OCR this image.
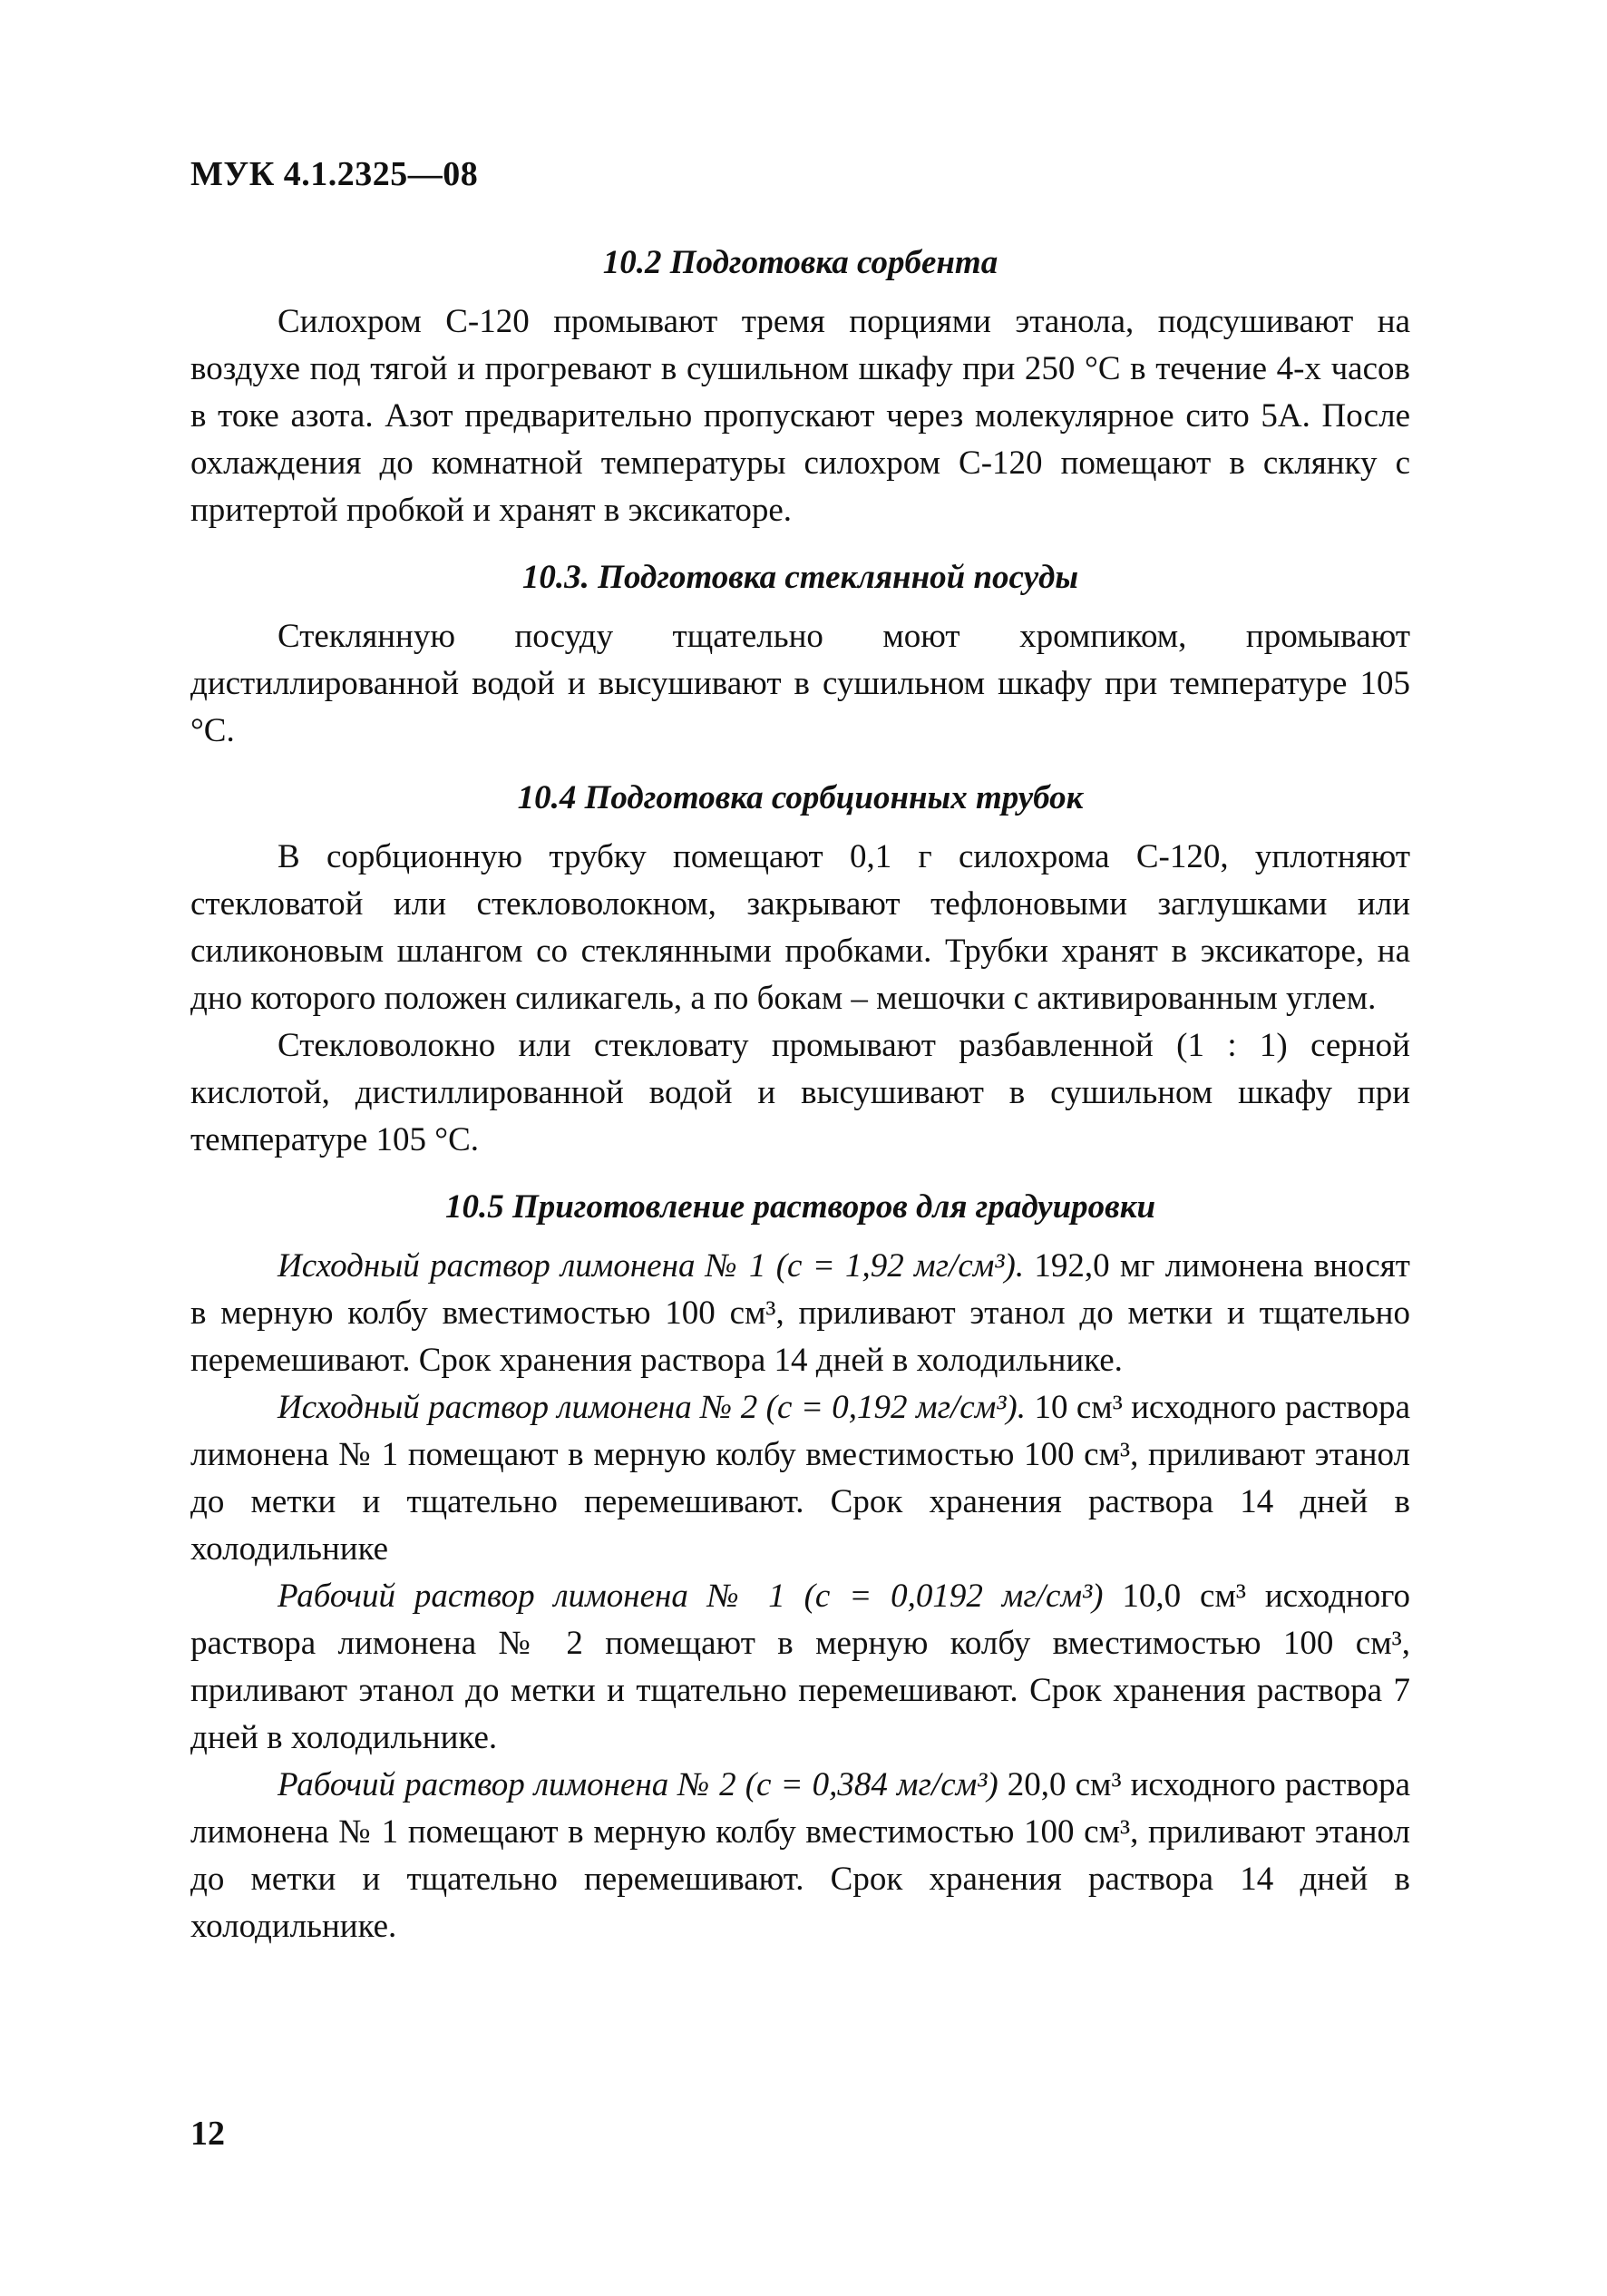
МУК 4.1.2325—08
10.2 Подготовка сорбента

Силохром С-120 промывают тремя порциями этанола, подсушивают на воздухе под тягой и прогревают в сушильном шкафу при 250 °С в течение 4-х часов в токе азота. Азот предварительно пропускают через молекулярное сито 5А. После охлаждения до комнатной температуры силохром С-120 помещают в склянку с притертой пробкой и хранят в эксикаторе.

10.3. Подготовка стеклянной посуды

Стеклянную посуду тщательно моют хромпиком, промывают дистиллированной водой и высушивают в сушильном шкафу при температуре 105 °С.

10.4 Подготовка сорбционных трубок

В сорбционную трубку помещают 0,1 г силохрома С-120, уплотняют стекловатой или стекловолокном, закрывают тефлоновыми заглушками или силиконовым шлангом со стеклянными пробками. Трубки хранят в эксикаторе, на дно которого положен силикагель, а по бокам – мешочки с активированным углем.

Стекловолокно или стекловату промывают разбавленной (1 : 1) серной кислотой, дистиллированной водой и высушивают в сушильном шкафу при температуре 105 °С.

10.5 Приготовление растворов для градуировки

Исходный раствор лимонена № 1 (с = 1,92 мг/см³). 192,0 мг лимонена вносят в мерную колбу вместимостью 100 см³, приливают этанол до метки и тщательно перемешивают. Срок хранения раствора 14 дней в холодильнике.

Исходный раствор лимонена № 2 (с = 0,192 мг/см³). 10 см³ исходного раствора лимонена № 1 помещают в мерную колбу вместимостью 100 см³, приливают этанол до метки и тщательно перемешивают. Срок хранения раствора 14 дней в холодильнике

Рабочий раствор лимонена № 1 (с = 0,0192 мг/см³) 10,0 см³ исходного раствора лимонена № 2 помещают в мерную колбу вместимостью 100 см³, приливают этанол до метки и тщательно перемешивают. Срок хранения раствора 7 дней в холодильнике.

Рабочий раствор лимонена № 2 (с = 0,384 мг/см³) 20,0 см³ исходного раствора лимонена № 1 помещают в мерную колбу вместимостью 100 см³, приливают этанол до метки и тщательно перемешивают. Срок хранения раствора 14 дней в холодильнике.

12
